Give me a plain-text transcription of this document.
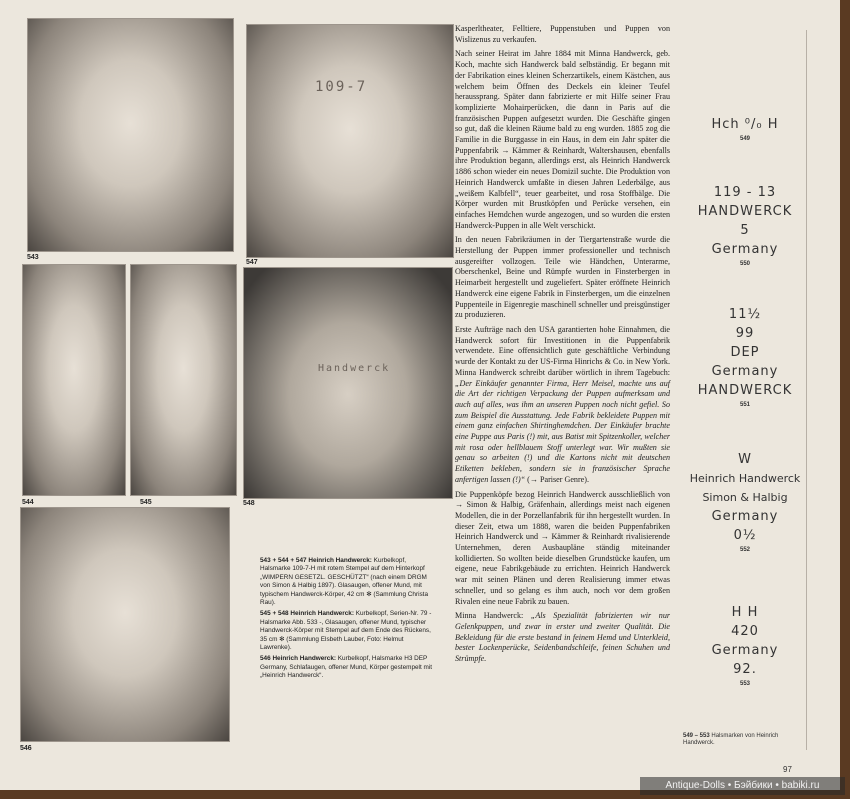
543
109-7
547
544	545
Handwerck
548
546

543 + 544 + 547 Heinrich Handwerck: Kurbelkopf, Halsmarke 109-7-H mit rotem Stempel auf dem Hinterkopf „WIMPERN GESETZL. GESCHÜTZT“ (nach einem DRGM von Simon & Halbig 1897). Glasaugen, offener Mund, mit typischem Handwerck-Körper, 42 cm ✻ (Sammlung Christa Rau).

545 + 548 Heinrich Handwerck: Kurbelkopf, Serien-Nr. 79 - Halsmarke Abb. 533 -, Glasaugen, offener Mund, typischer Handwerck-Körper mit Stempel auf dem Ende des Rückens, 35 cm ✻ (Sammlung Elsbeth Lauber, Foto: Helmut Lawrenke).

546 Heinrich Handwerck: Kurbelkopf, Halsmarke H3 DEP Germany, Schlafaugen, offener Mund, Körper gestempelt mit „Heinrich Handwerck“.

Kasperltheater, Felltiere, Puppenstuben und Puppen von Wislizenus zu verkaufen.

Nach seiner Heirat im Jahre 1884 mit Minna Handwerck, geb. Koch, machte sich Handwerck bald selbständig. Er begann mit der Fabrikation eines kleinen Scherzartikels, einem Kästchen, aus welchem beim Öffnen des Deckels ein kleiner Teufel heraussprang. Später dann fabrizierte er mit Hilfe seiner Frau komplizierte Mohairperücken, die dann in Paris auf die französischen Puppen aufgesetzt wurden. Die Geschäfte gingen so gut, daß die kleinen Räume bald zu eng wurden. 1885 zog die Familie in die Burggasse in ein Haus, in dem ein Jahr später die Puppenfabrik → Kämmer & Reinhardt, Waltershausen, ebenfalls ihre Produktion begann, allerdings erst, als Heinrich Handwerck 1886 schon wieder ein neues Domizil suchte. Die Produktion von Heinrich Handwerck umfaßte in diesen Jahren Lederbälge, aus „weißem Kalbfell“, teuer gearbeitet, und rosa Stoffbälge. Die Körper wurden mit Brustköpfen und Perücke versehen, ein einfaches Hemdchen wurde angezogen, und so wurden die ersten Handwerck-Puppen in alle Welt verschickt.

In den neuen Fabrikräumen in der Tiergartenstraße wurde die Herstellung der Puppen immer professioneller und technisch ausgereifter vollzogen. Teile wie Händchen, Unterarme, Oberschenkel, Beine und Rümpfe wurden in Finsterbergen in Heimarbeit hergestellt und zugeliefert. Später eröffnete Heinrich Handwerck eine eigene Fabrik in Finsterbergen, um die einzelnen Puppenteile in Eigenregie maschinell schneller und preisgünstiger zu produzieren.

Erste Aufträge nach den USA garantierten hohe Einnahmen, die Handwerck sofort für Investitionen in die Puppenfabrik verwendete. Eine offensichtlich gute geschäftliche Verbindung wurde der Kontakt zu der US-Firma Hinrichs & Co. in New York. Minna Handwerck schreibt darüber wörtlich in ihrem Tagebuch: „Der Einkäufer genannter Firma, Herr Meisel, machte uns auf die Art der richtigen Verpackung der Puppen aufmerksam und auch auf alles, was ihm an unseren Puppen noch nicht gefiel. So zum Beispiel die Ausstattung. Jede Fabrik bekleidete Puppen mit einem ganz einfachen Shirtinghemdchen. Der Einkäufer brachte eine Puppe aus Paris (!) mit, aus Batist mit Spitzenkoller, welcher mit rosa oder hellblauem Stoff unterlegt war. Wir mußten sie genau so arbeiten (!) und die Kartons nicht mit deutschen Etiketten bekleben, sondern sie in französischer Sprache anfertigen lassen (!)“ (→ Pariser Genre).

Die Puppenköpfe bezog Heinrich Handwerck ausschließlich von → Simon & Halbig, Gräfenhain, allerdings meist nach eigenen Modellen, die in der Porzellanfabrik für ihn hergestellt wurden. In dieser Zeit, etwa um 1888, waren die beiden Puppenfabriken Heinrich Handwerck und → Kämmer & Reinhardt rivalisierende Unternehmen, deren Ausbaupläne ständig miteinander kollidierten. So wollten beide dieselben Grundstücke kaufen, um eigene, neue Fabrikgebäude zu errichten. Heinrich Handwerck war mit seinen Plänen und deren Realisierung immer etwas schneller, und so gelang es ihm auch, noch vor dem großen Rivalen eine neue Fabrik zu bauen.

Minna Handwerck: „Als Spezialität fabrizierten wir nur Gelenkpuppen, und zwar in erster und zweiter Qualität. Die Bekleidung für die erste bestand in feinem Hemd und Unterkleid, bester Lockenperücke, Seidenbandschleife, feinen Schuhen und Strümpfe.

Hch ⁰/₀ H
549
119 - 13
HANDWERCK
5
Germany
550
11½
99
DEP
Germany
HANDWERCK
551
W
Heinrich Handwerck
Simon & Halbig
Germany
0½
552
H H
420
Germany
92.
553
549 – 553 Halsmarken von Heinrich Handwerck.
97
Antique-Dolls • Бэйбики • babiki.ru
